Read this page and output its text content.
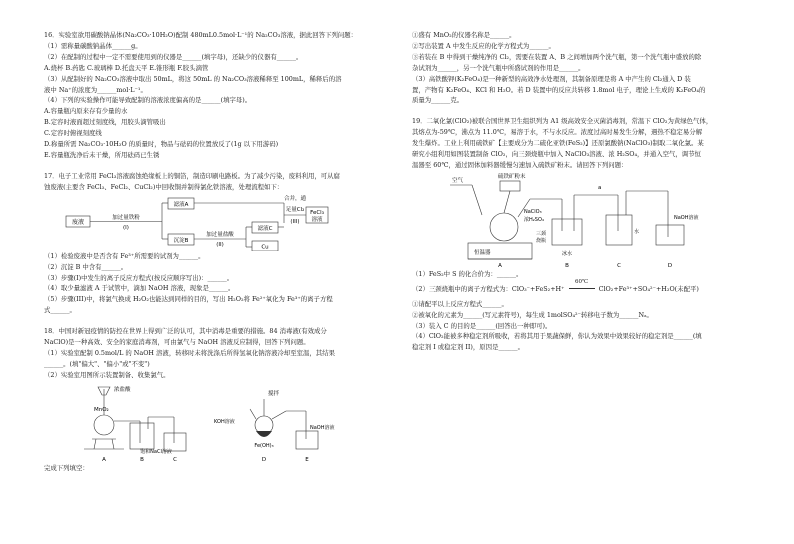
16．实验室欲用碳酸钠晶体(Na₂CO₃·10H₂O)配制 480mL0.5mol·L⁻¹的 Na₂CO₃溶液，据此回答下列问题：

（1）需称量碳酸钠晶体______g。

（2）在配制的过程中一定不需要使用到的仪器是______(填字母)，还缺少的仪器有______。

A.烧杯 B.药匙 C.玻璃棒 D.托盘天平 E.锥形瓶 F.胶头滴管

（3）从配制好的 Na₂CO₃溶液中取出 50mL，将这 50mL 的 Na₂CO₃溶液稀释至 100mL，稀释后的溶

液中 Na⁺的浓度为______mol·L⁻¹。

（4）下列的实验操作可能导致配制的溶液浓度偏高的是______(填字母)。

A.容量瓶内原来存有少量的水

B.定容时液面超过刻度线，用胶头滴管吸出

C.定容时俯视刻度线

D.称量所需 Na₂CO₃·10H₂O 的质量时，物品与砝码的位置放反了(1g 以下用游码)

E.容量瓶洗净后未干燥，所用砝码已生锈

17．电子工业常用 FeCl₃溶液腐蚀绝缘板上的铜箔，制造印刷电路板。为了减少污染，废料利用，可从腐

蚀废液(主要含 FeCl₃、FeCl₂、CuCl₂)中回收铜并制得氯化铁溶液，处理流程如下：

废液
加过量铁粉
(I)
滤液A
沉淀B
加过量盐酸
(II)
滤液C
Cu
合并，通
足量Cl₂
(III)
FeCl₃
溶液

（1）检验废液中是否含有 Fe³⁺所需要的试剂为______。

（2）沉淀 B 中含有______。

（3）步骤(I)中发生的离子反应方程式(按反应顺序写出)：______。

（4）取少量滤液 A 于试管中，滴加 NaOH 溶液，现象是______。

（5）步骤(III)中，将氯气换成 H₂O₂也能达到同样的目的，写出 H₂O₂将 Fe²⁺氧化为 Fe³⁺的离子方程

式______。

18．中国对新冠疫情的防控在世界上得到广泛的认可，其中消毒是重要的措施。84 消毒液(有效成分

NaClO)是一种高效、安全的家庭消毒剂，可由氯气与 NaOH 溶液反应制得，回答下列问题。

（1）实验室配制 0.5mol/L 的 NaOH 溶液，转移时未将洗涤后所得氢氧化钠溶液冷却至室温，其结果

______。(填"偏大"、"偏小"或"不变")

（2）实验室用图所示装置制备、收集氯气。

浓盐酸
MnO₂
饱和NaCl溶液
搅拌
KOH溶液
Fe(OH)₃
NaOH溶液
A	B	C	D	E

完成下列填空：

①盛有 MnO₂的仪器名称是______。

②写出装置 A 中发生反应的化学方程式为______。

③若装在 B 中得到干燥纯净的 Cl₂，需要在装置 A、B 之间增加两个洗气瓶，第一个洗气瓶中盛放的除

杂试剂为______，另一个洗气瓶中所盛试剂的作用是______。

（3）高铁酸钾(K₂FeO₄)是一种新型的高效净水处理剂，其制备原理是将 A 中产生的 Cl₂通入 D 装

置，产物有 K₂FeO₄、KCl 和 H₂O。若 D 装置中的反应共转移 1.8mol 电子，理论上生成的 K₂FeO₄的

质量为______克。

19．二氧化氯(ClO₂)被联合国世界卫生组织列为 A1 级高效安全灭菌消毒剂，常温下 ClO₂为黄绿色气体，

其熔点为-59℃，沸点为 11.0℃，易溶于水，不与水反应。浓度过高时易发生分解，遇热不稳定易分解

发生爆炸。工业上利用硫铁矿【主要成分为二硫化亚铁(FeS₂)】还原氯酸钠(NaClO₃)制取二氧化氯。某

研究小组利用如图装置制备 ClO₂，向三颈烧瓶中加入 NaClO₃溶液、浓 H₂SO₄，并通入空气，调节恒

温器至 60℃，通过固体加料器缓慢匀速加入硫铁矿粉末。请回答下列问题：

空气
硫铁矿粉末
NaClO₃
浓H₂SO₄
三颈
烧瓶
恒温器	冰水
a
水
NaOH溶液
A	B	C	D

（1）FeS₂中 S 的化合价为：______。

（2）三颈烧瓶中的离子方程式为：ClO₃⁻+FeS₂+H⁺
60℃
ClO₂+Fe³⁺+SO₄²⁻+H₂O(未配平)

①请配平以上反应方程式______。

②被氧化的元素为______(写元素符号)，每生成 1molSO₄²⁻转移电子数为______Nₐ。

（3）装入 C 的目的是______(回答出一种即可)。

（4）ClO₂能被多种稳定剂所吸收，若将其用于果蔬保鲜，你认为效果中效果较好的稳定剂是______(填

稳定剂 I 或稳定剂 II)，原因是______。
